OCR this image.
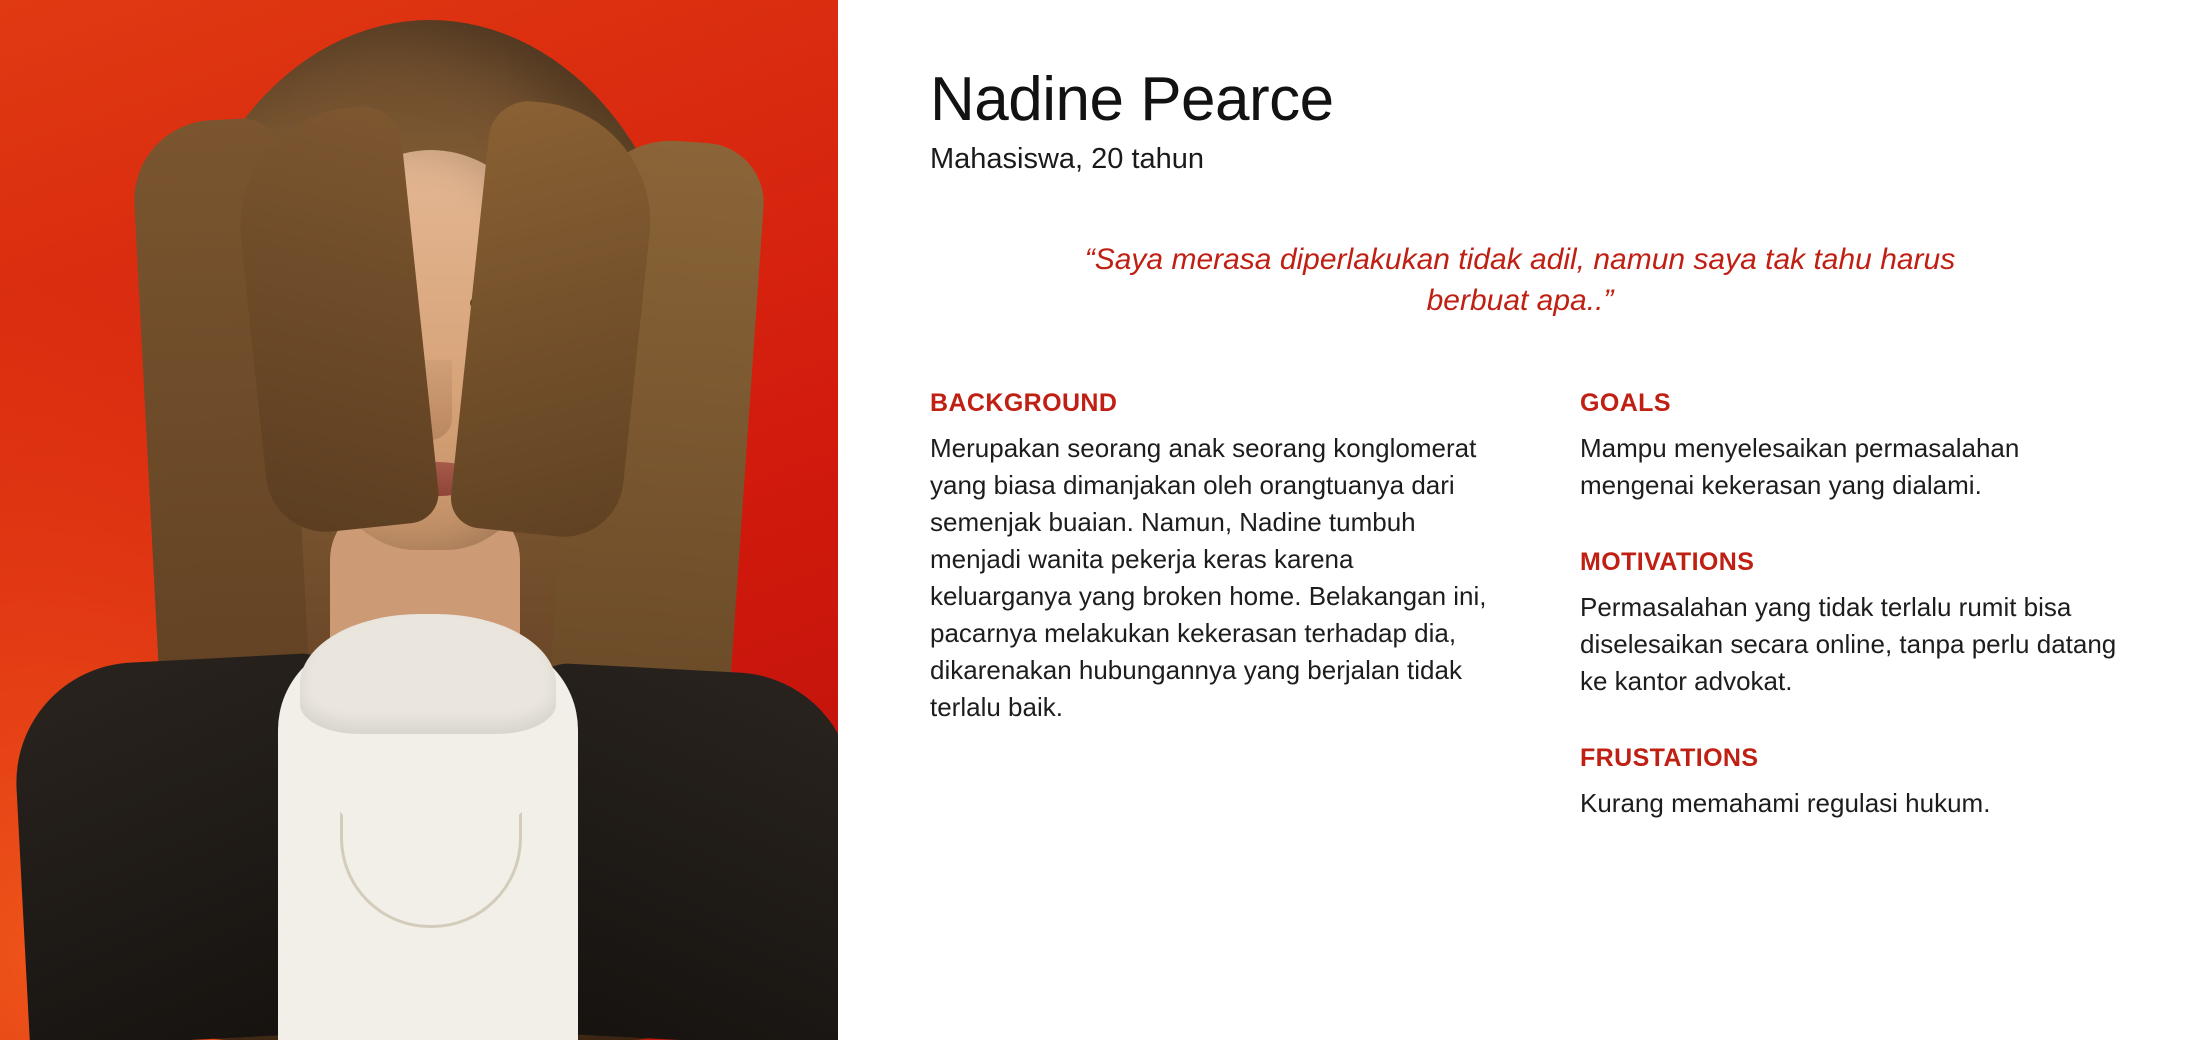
Nadine Pearce

Mahasiswa, 20 tahun

“Saya merasa diperlakukan tidak adil, namun saya tak tahu harus berbuat apa..”

BACKGROUND

Merupakan seorang anak seorang konglomerat yang biasa dimanjakan oleh orangtuanya dari semenjak buaian. Namun, Nadine tumbuh menjadi wanita pekerja keras karena keluarganya yang broken home. Belakangan ini, pacarnya melakukan kekerasan terhadap dia, dikarenakan hubungannya yang berjalan tidak terlalu baik.

GOALS

Mampu menyelesaikan permasalahan mengenai kekerasan yang dialami.

MOTIVATIONS

Permasalahan yang tidak terlalu rumit bisa diselesaikan secara online, tanpa perlu datang ke kantor advokat.

FRUSTATIONS

Kurang memahami regulasi hukum.
